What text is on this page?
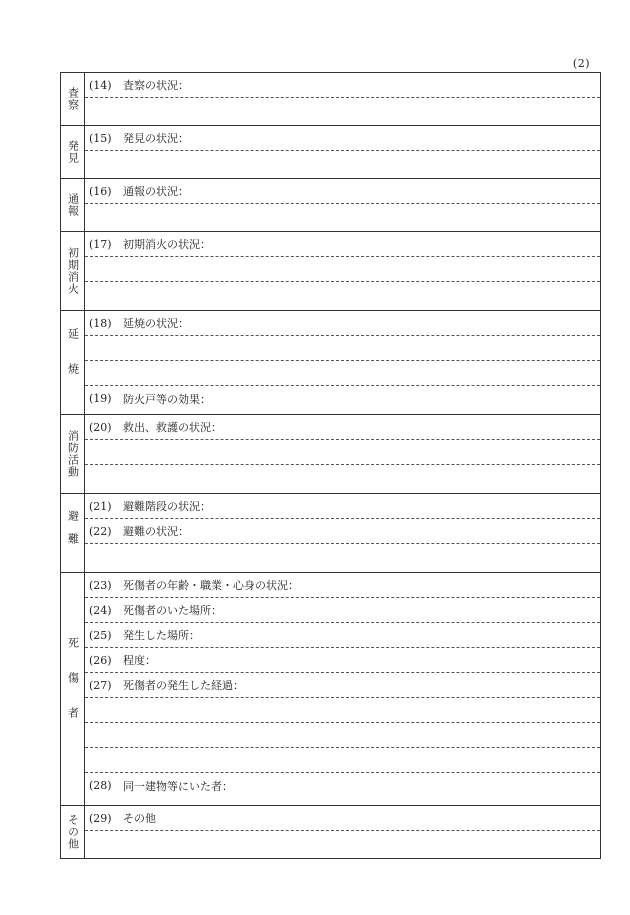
(2)
査察
(14)	査察の状況：
発見
(15)	発見の状況：
通報
(16)	通報の状況：
初期消火
(17)	初期消火の状況：
延焼
(18)	延焼の状況：
(19)	防火戸等の効果：
消防活動
(20)	救出、救護の状況：
避難
(21)	避難階段の状況：
(22)	避難の状況：
死傷者
(23)	死傷者の年齢・職業・心身の状況：
(24)	死傷者のいた場所：
(25)	発生した場所：
(26)	程度：
(27)	死傷者の発生した経過：
(28)	同一建物等にいた者：
その他 (29)	その他
